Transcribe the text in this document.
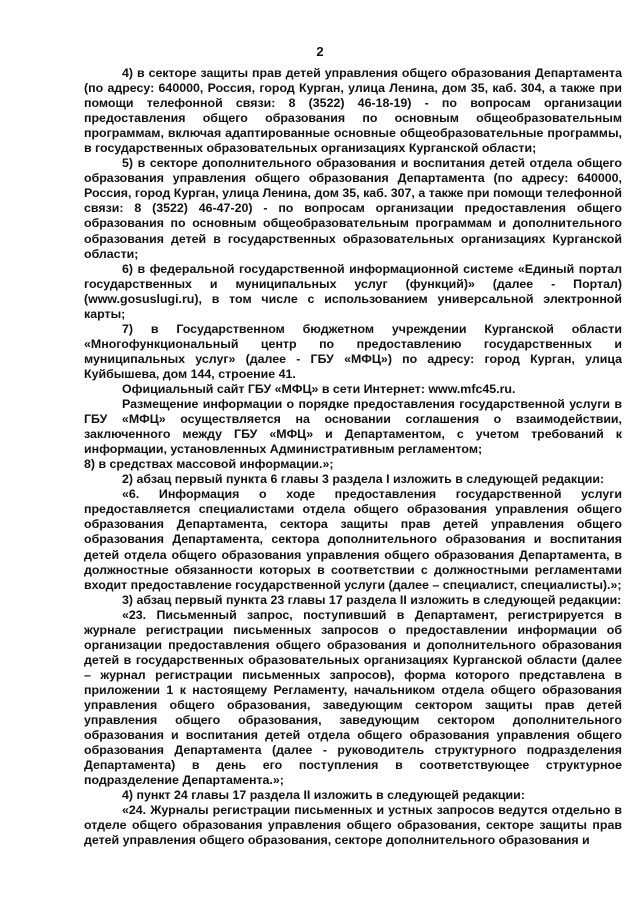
2

4) в секторе защиты прав детей управления общего образования Департамента (по адресу: 640000, Россия, город Курган, улица Ленина, дом 35, каб. 304, а также при помощи телефонной связи: 8 (3522) 46-18-19) - по вопросам организации предоставления общего образования по основным общеобразовательным программам, включая адаптированные основные общеобразовательные программы, в государственных образовательных организациях Курганской области;

5) в секторе дополнительного образования и воспитания детей отдела общего образования управления общего образования Департамента (по адресу: 640000, Россия, город Курган, улица Ленина, дом 35, каб. 307, а также при помощи телефонной связи: 8 (3522) 46-47-20) - по вопросам организации предоставления общего образования по основным общеобразовательным программам и дополнительного образования детей в государственных образовательных организациях Курганской области;

6) в федеральной государственной информационной системе «Единый портал государственных и муниципальных услуг (функций)» (далее - Портал) (www.gosuslugi.ru), в том числе с использованием универсальной электронной карты;

7) в Государственном бюджетном учреждении Курганской области «Многофункциональный центр по предоставлению государственных и муниципальных услуг» (далее - ГБУ «МФЦ») по адресу: город Курган, улица Куйбышева, дом 144, строение 41.

Официальный сайт ГБУ «МФЦ» в сети Интернет: www.mfc45.ru.

Размещение информации о порядке предоставления государственной услуги в ГБУ «МФЦ» осуществляется на основании соглашения о взаимодействии, заключенного между ГБУ «МФЦ» и Департаментом, с учетом требований к информации, установленных Административным регламентом;

8) в средствах массовой информации.»;

2) абзац первый пункта 6 главы 3 раздела I изложить в следующей редакции:

«6. Информация о ходе предоставления государственной услуги предоставляется специалистами отдела общего образования управления общего образования Департамента, сектора защиты прав детей управления общего образования Департамента, сектора дополнительного образования и воспитания детей отдела общего образования управления общего образования Департамента, в должностные обязанности которых в соответствии с должностными регламентами входит предоставление государственной услуги (далее – специалист, специалисты).»;

3) абзац первый пункта 23 главы 17 раздела II изложить в следующей редакции:

«23. Письменный запрос, поступивший в Департамент, регистрируется в журнале регистрации письменных запросов о предоставлении информации об организации предоставления общего образования и дополнительного образования детей в государственных образовательных организациях Курганской области (далее – журнал регистрации письменных запросов), форма которого представлена в приложении 1 к настоящему Регламенту, начальником отдела общего образования управления общего образования, заведующим сектором защиты прав детей управления общего образования, заведующим сектором дополнительного образования и воспитания детей отдела общего образования управления общего образования Департамента (далее - руководитель структурного подразделения Департамента) в день его поступления в соответствующее структурное подразделение Департамента.»;

4) пункт 24 главы 17 раздела II изложить в следующей редакции:

«24. Журналы регистрации письменных и устных запросов ведутся отдельно в отделе общего образования управления общего образования, секторе защиты прав детей управления общего образования, секторе дополнительного образования и
